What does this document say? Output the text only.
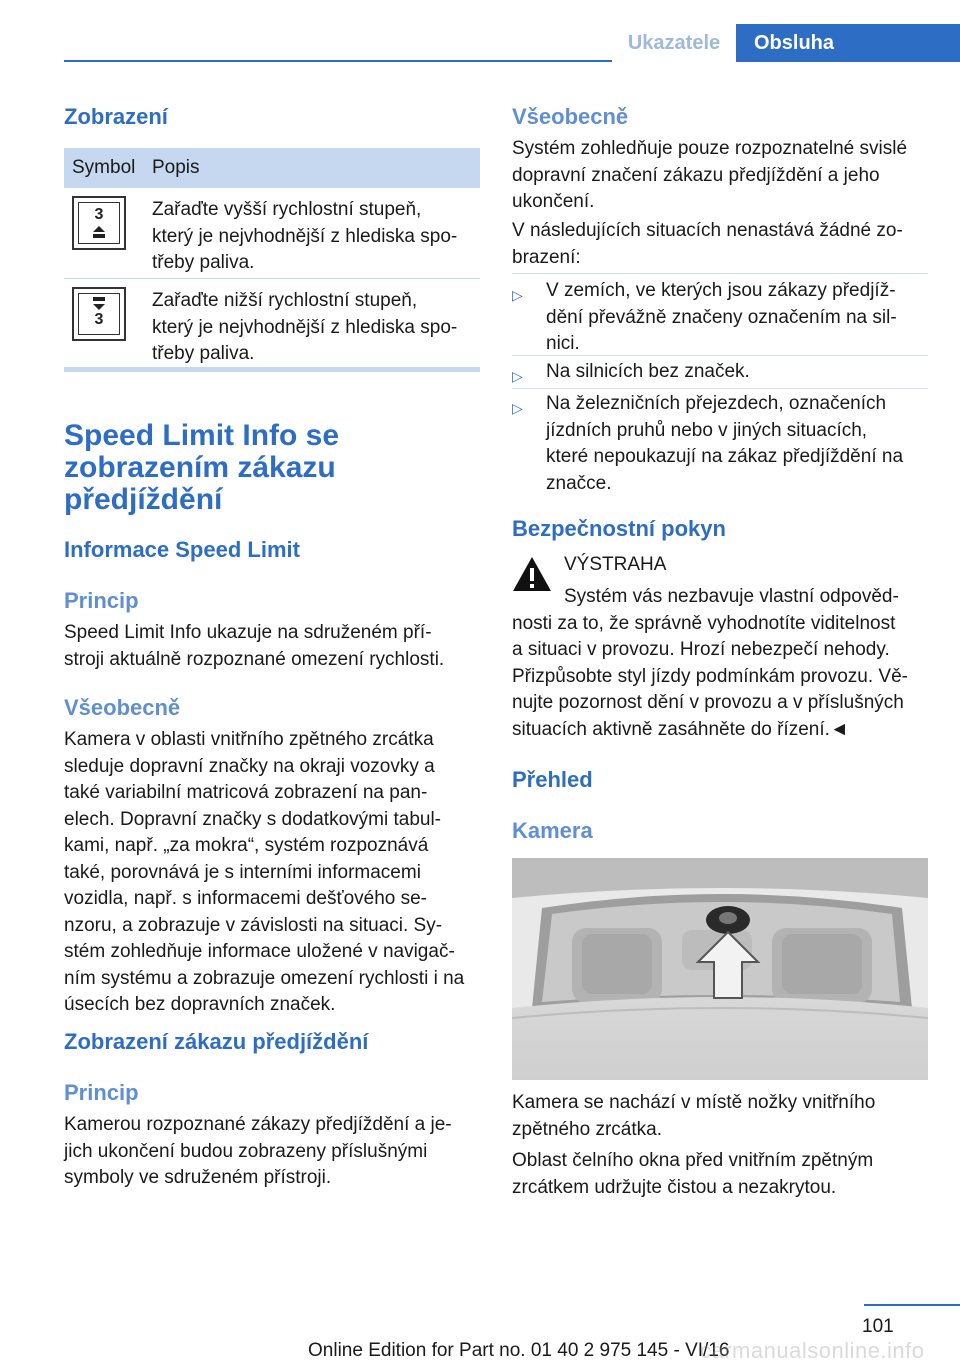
Ukazatele	Obsluha
Zobrazení
Symbol Popis
3	Zařaďte vyšší rychlostní stupeň,
který je nejvhodnější z hlediska spo-
třeby paliva.
3
Zařaďte nižší rychlostní stupeň,
který je nejvhodnější z hlediska spo-
třeby paliva.
Speed Limit Info se
zobrazením zákazu
předjíždění
Informace Speed Limit
Princip
Speed Limit Info ukazuje na sdruženém pří-
stroji aktuálně rozpoznané omezení rychlosti.
Všeobecně
Kamera v oblasti vnitřního zpětného zrcátka
sleduje dopravní značky na okraji vozovky a
také variabilní matricová zobrazení na pan-
elech. Dopravní značky s dodatkovými tabul-
kami, např. „za mokra“, systém rozpoznává
také, porovnává je s interními informacemi
vozidla, např. s informacemi dešťového se-
nzoru, a zobrazuje v závislosti na situaci. Sy-
stém zohledňuje informace uložené v navigač-
ním systému a zobrazuje omezení rychlosti i na
úsecích bez dopravních značek.
Zobrazení zákazu předjíždění
Princip
Kamerou rozpoznané zákazy předjíždění a je-
jich ukončení budou zobrazeny příslušnými
symboly ve sdruženém přístroji.
Všeobecně
Systém zohledňuje pouze rozpoznatelné svislé
dopravní značení zákazu předjíždění a jeho
ukončení.
V následujících situacích nenastává žádné zo-
brazení:
▷ V zemích, ve kterých jsou zákazy předjíž-
dění převážně značeny označením na sil-
nici.
▷ Na silnicích bez značek.
▷ Na železničních přejezdech, označeních
jízdních pruhů nebo v jiných situacích,
které nepoukazují na zákaz předjíždění na
značce.
Bezpečnostní pokyn
VÝSTRAHA
Systém vás nezbavuje vlastní odpověd-
nosti za to, že správně vyhodnotíte viditelnost
a situaci v provozu. Hrozí nebezpečí nehody.
Přizpůsobte styl jízdy podmínkám provozu. Vě-
nujte pozornost dění v provozu a v příslušných
situacích aktivně zasáhněte do řízení.◄
Přehled
Kamera
Kamera se nachází v místě nožky vnitřního
zpětného zrcátka.
Oblast čelního okna před vnitřním zpětným
zrcátkem udržujte čistou a nezakrytou.
101
Online Edition for Part no. 01 40 2 975 145 - VI/16
carmanualsonline.info
